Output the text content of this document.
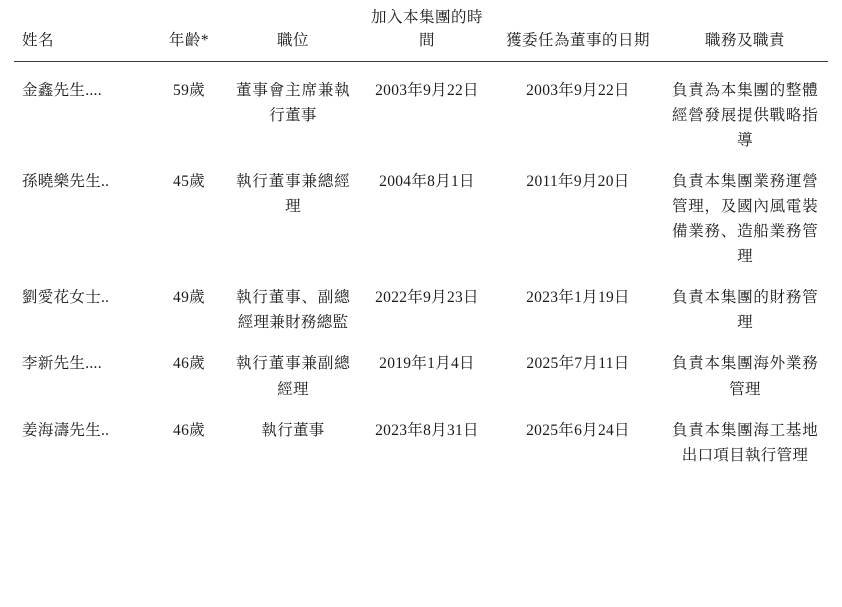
姓名	年齡*	職位	加入本集團的時間	獲委任為董事的日期	職務及職責
金鑫先生....	59歲	董事會主席兼執行董事	2003年9月22日	2003年9月22日	負責為本集團的整體經營發展提供戰略指導
孫曉樂先生..	45歲	執行董事兼總經理	2004年8月1日	2011年9月20日	負責本集團業務運營管理，及國內風電裝備業務、造船業務管理
劉愛花女士..	49歲	執行董事、副總經理兼財務總監	2022年9月23日	2023年1月19日	負責本集團的財務管理
李新先生....	46歲	執行董事兼副總經理	2019年1月4日	2025年7月11日	負責本集團海外業務管理
姜海濤先生..	46歲	執行董事	2023年8月31日	2025年6月24日	負責本集團海工基地出口項目執行管理
